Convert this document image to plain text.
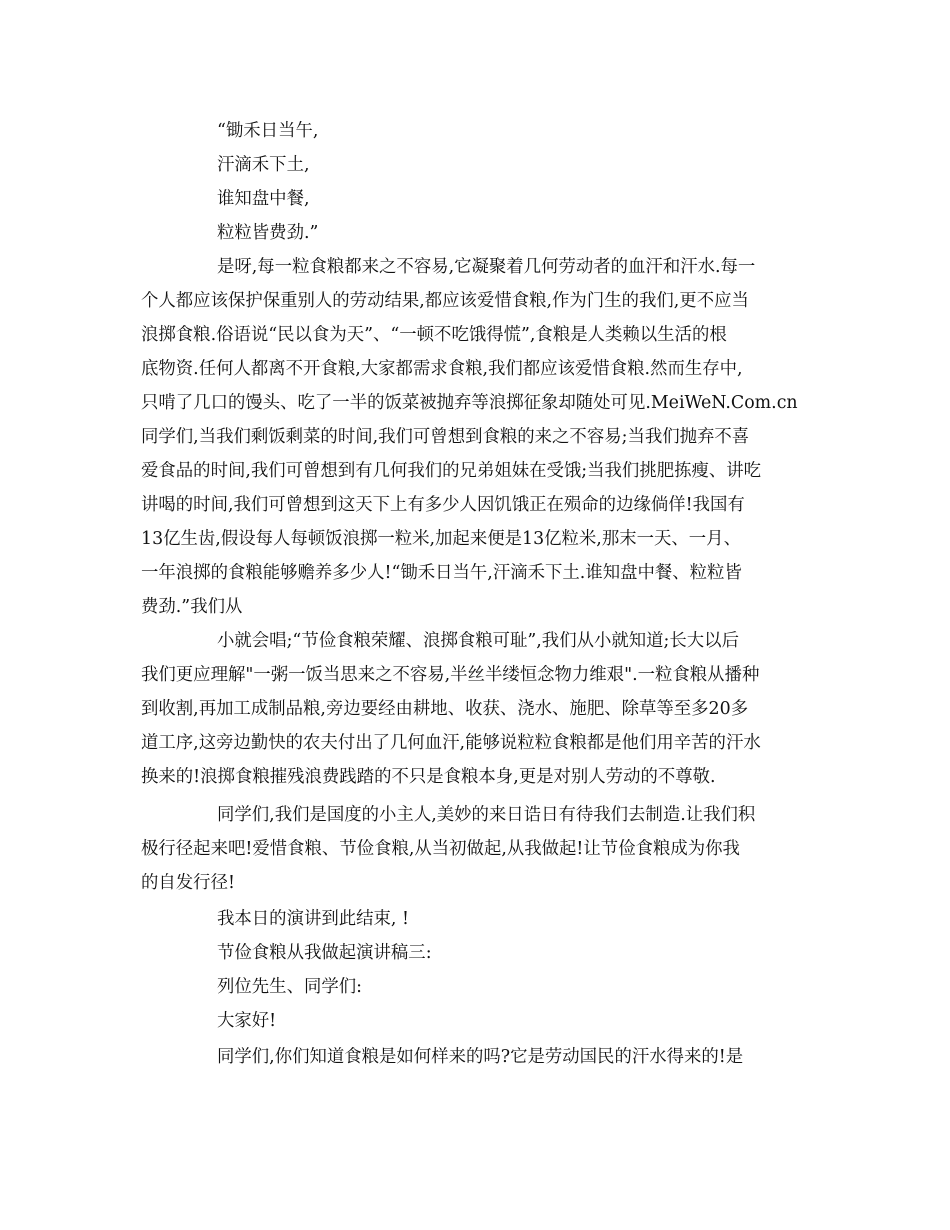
“锄禾日当午,
汗滴禾下土,
谁知盘中餐,
粒粒皆费劲.”
是呀,每一粒食粮都来之不容易,它凝聚着几何劳动者的血汗和汗水.每一
个人都应该保护保重别人的劳动结果,都应该爱惜食粮,作为门生的我们,更不应当
浪掷食粮.俗语说“民以食为天”、“一顿不吃饿得慌”,食粮是人类赖以生活的根
底物资.任何人都离不开食粮,大家都需求食粮,我们都应该爱惜食粮.然而生存中,
只啃了几口的馒头、吃了一半的饭菜被抛弃等浪掷征象却随处可见.MeiWeN.Com.cn
同学们,当我们剩饭剩菜的时间,我们可曾想到食粮的来之不容易;当我们抛弃不喜
爱食品的时间,我们可曾想到有几何我们的兄弟姐妹在受饿;当我们挑肥拣瘦、讲吃
讲喝的时间,我们可曾想到这天下上有多少人因饥饿正在殒命的边缘倘佯!我国有
13亿生齿,假设每人每顿饭浪掷一粒米,加起来便是13亿粒米,那末一天、一月、
一年浪掷的食粮能够赡养多少人!“锄禾日当午,汗滴禾下土.谁知盘中餐、粒粒皆
费劲.”我们从
小就会唱;“节俭食粮荣耀、浪掷食粮可耻”,我们从小就知道;长大以后
我们更应理解"一粥一饭当思来之不容易,半丝半缕恒念物力维艰".一粒食粮从播种
到收割,再加工成制品粮,旁边要经由耕地、收获、浇水、施肥、除草等至多20多
道工序,这旁边勤快的农夫付出了几何血汗,能够说粒粒食粮都是他们用辛苦的汗水
换来的!浪掷食粮摧残浪费践踏的不只是食粮本身,更是对别人劳动的不尊敬.
同学们,我们是国度的小主人,美妙的来日诰日有待我们去制造.让我们积
极行径起来吧!爱惜食粮、节俭食粮,从当初做起,从我做起!让节俭食粮成为你我
的自发行径!
我本日的演讲到此结束, !
节俭食粮从我做起演讲稿三:
列位先生、同学们:
大家好!
同学们,你们知道食粮是如何样来的吗?它是劳动国民的汗水得来的!是
